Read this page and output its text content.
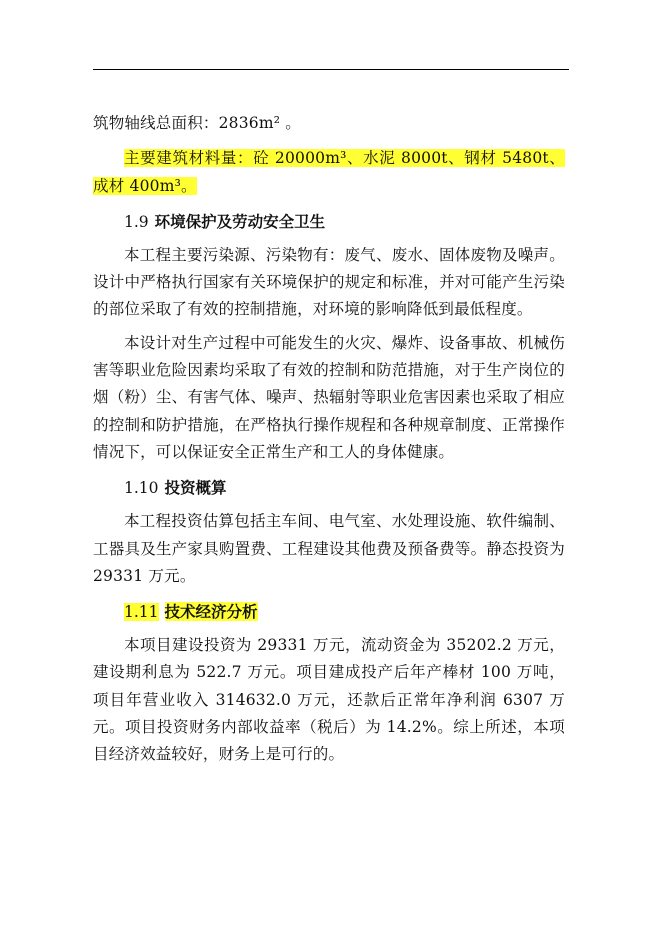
筑物轴线总面积：2836m² 。

主要建筑材料量：砼 20000m³、水泥 8000t、钢材 5480t、成材 400m³。

1.9 环境保护及劳动安全卫生

本工程主要污染源、污染物有：废气、废水、固体废物及噪声。设计中严格执行国家有关环境保护的规定和标准，并对可能产生污染的部位采取了有效的控制措施，对环境的影响降低到最低程度。

本设计对生产过程中可能发生的火灾、爆炸、设备事故、机械伤害等职业危险因素均采取了有效的控制和防范措施，对于生产岗位的烟（粉）尘、有害气体、噪声、热辐射等职业危害因素也采取了相应的控制和防护措施，在严格执行操作规程和各种规章制度、正常操作情况下，可以保证安全正常生产和工人的身体健康。

1.10 投资概算

本工程投资估算包括主车间、电气室、水处理设施、软件编制、工器具及生产家具购置费、工程建设其他费及预备费等。静态投资为 29331 万元。

1.11 技术经济分析

本项目建设投资为 29331 万元，流动资金为 35202.2 万元，建设期利息为 522.7 万元。项目建成投产后年产棒材 100 万吨，项目年营业收入 314632.0 万元，还款后正常年净利润 6307 万元。项目投资财务内部收益率（税后）为 14.2%。综上所述，本项目经济效益较好，财务上是可行的。
